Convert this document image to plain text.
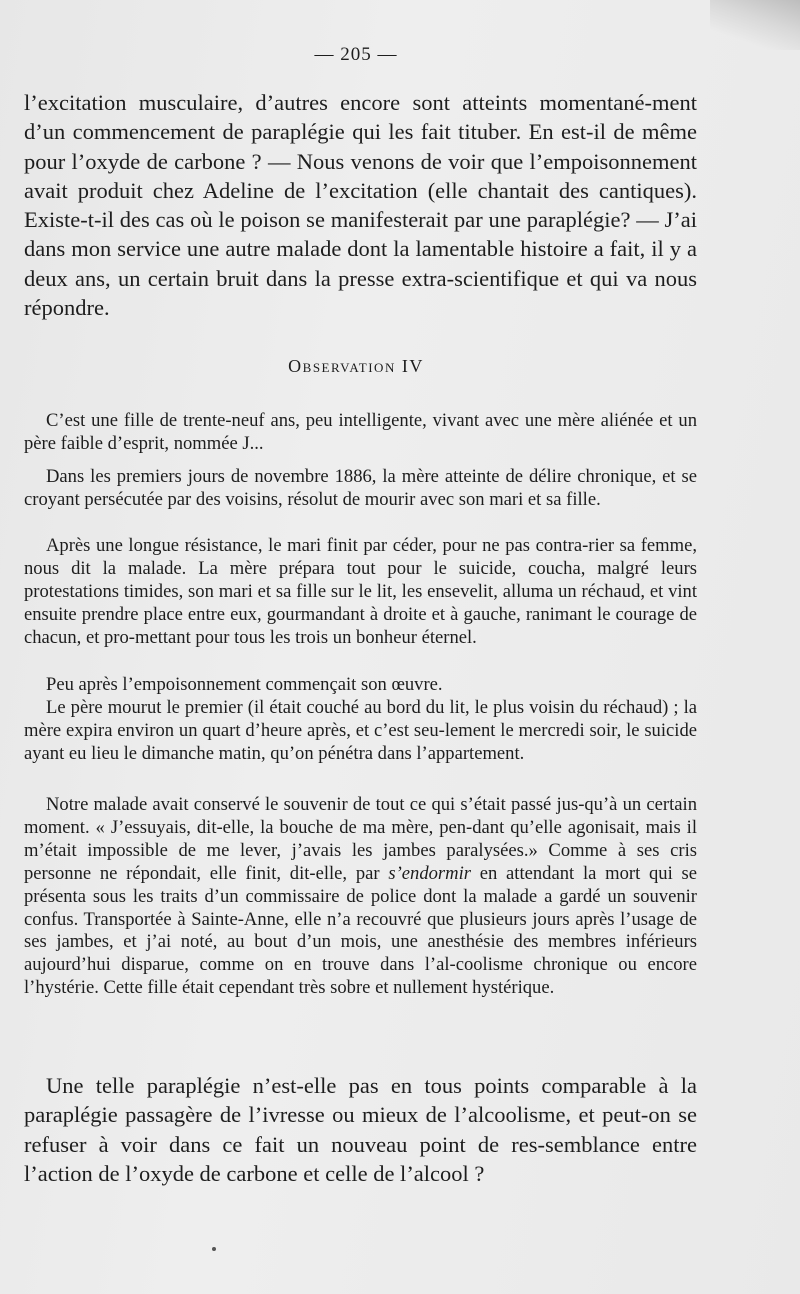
— 205 —

l’excitation musculaire, d’autres encore sont atteints momentané-ment d’un commencement de paraplégie qui les fait tituber. En est-il de même pour l’oxyde de carbone ? — Nous venons de voir que l’empoisonnement avait produit chez Adeline de l’excitation (elle chantait des cantiques). Existe-t-il des cas où le poison se manifesterait par une paraplégie? — J’ai dans mon service une autre malade dont la lamentable histoire a fait, il y a deux ans, un certain bruit dans la presse extra-scientifique et qui va nous répondre.

Observation IV

C’est une fille de trente-neuf ans, peu intelligente, vivant avec une mère aliénée et un père faible d’esprit, nommée J...

Dans les premiers jours de novembre 1886, la mère atteinte de délire chronique, et se croyant persécutée par des voisins, résolut de mourir avec son mari et sa fille.

Après une longue résistance, le mari finit par céder, pour ne pas contra-rier sa femme, nous dit la malade. La mère prépara tout pour le suicide, coucha, malgré leurs protestations timides, son mari et sa fille sur le lit, les ensevelit, alluma un réchaud, et vint ensuite prendre place entre eux, gourmandant à droite et à gauche, ranimant le courage de chacun, et pro-mettant pour tous les trois un bonheur éternel.

Peu après l’empoisonnement commençait son œuvre.

Le père mourut le premier (il était couché au bord du lit, le plus voisin du réchaud) ; la mère expira environ un quart d’heure après, et c’est seu-lement le mercredi soir, le suicide ayant eu lieu le dimanche matin, qu’on pénétra dans l’appartement.

Notre malade avait conservé le souvenir de tout ce qui s’était passé jus-qu’à un certain moment. « J’essuyais, dit-elle, la bouche de ma mère, pen-dant qu’elle agonisait, mais il m’était impossible de me lever, j’avais les jambes paralysées.» Comme à ses cris personne ne répondait, elle finit, dit-elle, par s’endormir en attendant la mort qui se présenta sous les traits d’un commissaire de police dont la malade a gardé un souvenir confus. Transportée à Sainte-Anne, elle n’a recouvré que plusieurs jours après l’usage de ses jambes, et j’ai noté, au bout d’un mois, une anesthésie des membres inférieurs aujourd’hui disparue, comme on en trouve dans l’al-coolisme chronique ou encore l’hystérie. Cette fille était cependant très sobre et nullement hystérique.

Une telle paraplégie n’est-elle pas en tous points comparable à la paraplégie passagère de l’ivresse ou mieux de l’alcoolisme, et peut-on se refuser à voir dans ce fait un nouveau point de res-semblance entre l’action de l’oxyde de carbone et celle de l’alcool ?
